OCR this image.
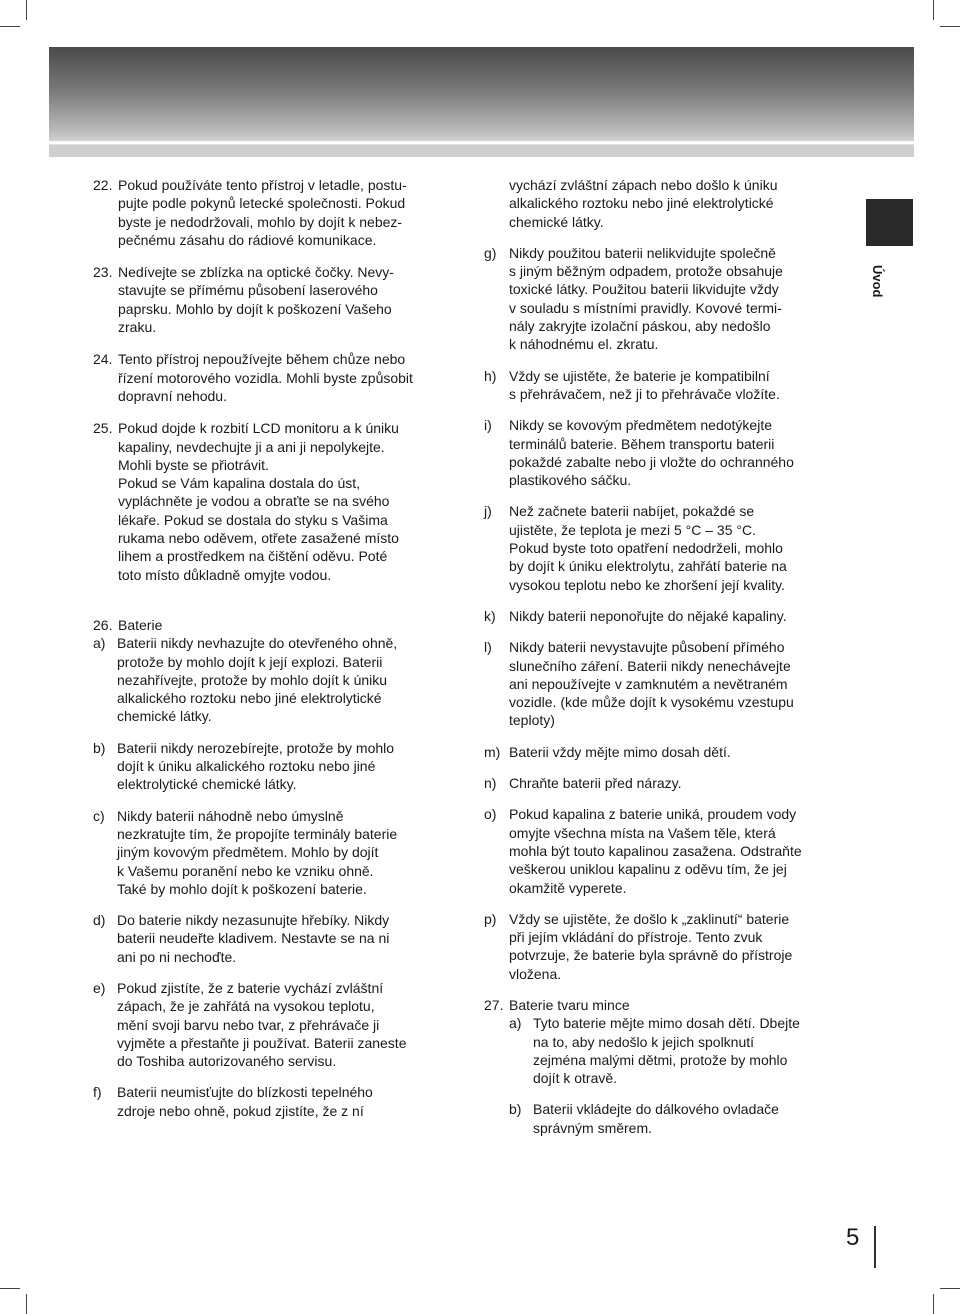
Úvod
22. Pokud používáte tento přístroj v letadle, postu-
pujte podle pokynů letecké společnosti. Pokud
byste je nedodržovali, mohlo by dojít k nebez-
pečnému zásahu do rádiové komunikace.
23. Nedívejte se zblízka na optické čočky. Nevy-
stavujte se přímému působení laserového
paprsku. Mohlo by dojít k poškození Vašeho
zraku.
24. Tento přístroj nepoužívejte během chůze nebo
řízení motorového vozidla. Mohli byste způsobit
dopravní nehodu.
25. Pokud dojde k rozbití LCD monitoru a k úniku
kapaliny, nevdechujte ji a ani ji nepolykejte.
Mohli byste se přiotrávit.
Pokud se Vám kapalina dostala do úst,
vypláchněte je vodou a obraťte se na svého
lékaře. Pokud se dostala do styku s Vašima
rukama nebo oděvem, otřete zasažené místo
lihem a prostředkem na čištění oděvu. Poté
toto místo důkladně omyjte vodou.
26. Baterie
a) Baterii nikdy nevhazujte do otevřeného ohně,
protože by mohlo dojít k její explozi. Baterii
nezahřívejte, protože by mohlo dojít k úniku
alkalického roztoku nebo jiné elektrolytické
chemické látky.
b) Baterii nikdy nerozebírejte, protože by mohlo
dojít k úniku alkalického roztoku nebo jiné
elektrolytické chemické látky.
c) Nikdy baterii náhodně nebo úmyslně
nezkratujte tím, že propojíte terminály baterie
jiným kovovým předmětem. Mohlo by dojít
k Vašemu poranění nebo ke vzniku ohně.
Také by mohlo dojít k poškození baterie.
d) Do baterie nikdy nezasunujte hřebíky. Nikdy
baterii neudeřte kladivem. Nestavte se na ni
ani po ni nechoďte.
e) Pokud zjistíte, že z baterie vychází zvláštní
zápach, že je zahřátá na vysokou teplotu,
mění svoji barvu nebo tvar, z přehrávače ji
vyjměte a přestaňte ji používat. Baterii zaneste
do Toshiba autorizovaného servisu.
f) Baterii neumisťujte do blízkosti tepelného
zdroje nebo ohně, pokud zjistíte, že z ní
vychází zvláštní zápach nebo došlo k úniku
alkalického roztoku nebo jiné elektrolytické
chemické látky.
g) Nikdy použitou baterii nelikvidujte společně
s jiným běžným odpadem, protože obsahuje
toxické látky. Použitou baterii likvidujte vždy
v souladu s místními pravidly. Kovové termi-
nály zakryjte izolační páskou, aby nedošlo
k náhodnému el. zkratu.
h) Vždy se ujistěte, že baterie je kompatibilní
s přehrávačem, než ji to přehrávače vložíte.
i) Nikdy se kovovým předmětem nedotýkejte
terminálů baterie. Během transportu baterii
pokaždé zabalte nebo ji vložte do ochranného
plastikového sáčku.
j) Než začnete baterii nabíjet, pokaždé se
ujistěte, že teplota je mezi 5 °C – 35 °C.
Pokud byste toto opatření nedodrželi, mohlo
by dojít k úniku elektrolytu, zahřátí baterie na
vysokou teplotu nebo ke zhoršení její kvality.
k) Nikdy baterii neponořujte do nějaké kapaliny.
l) Nikdy baterii nevystavujte působení přímého
slunečního záření. Baterii nikdy nenechávejte
ani nepoužívejte v zamknutém a nevětraném
vozidle. (kde může dojít k vysokému vzestupu
teploty)
m) Baterii vždy mějte mimo dosah dětí.
n) Chraňte baterii před nárazy.
o) Pokud kapalina z baterie uniká, proudem vody
omyjte všechna místa na Vašem těle, která
mohla být touto kapalinou zasažena. Odstraňte
veškerou uniklou kapalinu z oděvu tím, že jej
okamžitě vyperete.
p) Vždy se ujistěte, že došlo k „zaklinutí“ baterie
při jejím vkládání do přístroje. Tento zvuk
potvrzuje, že baterie byla správně do přístroje
vložena.
27. Baterie tvaru mince
a) Tyto baterie mějte mimo dosah dětí. Dbejte
na to, aby nedošlo k jejich spolknutí
zejména malými dětmi, protože by mohlo
dojít k otravě.
b) Baterii vkládejte do dálkového ovladače
správným směrem.
5
